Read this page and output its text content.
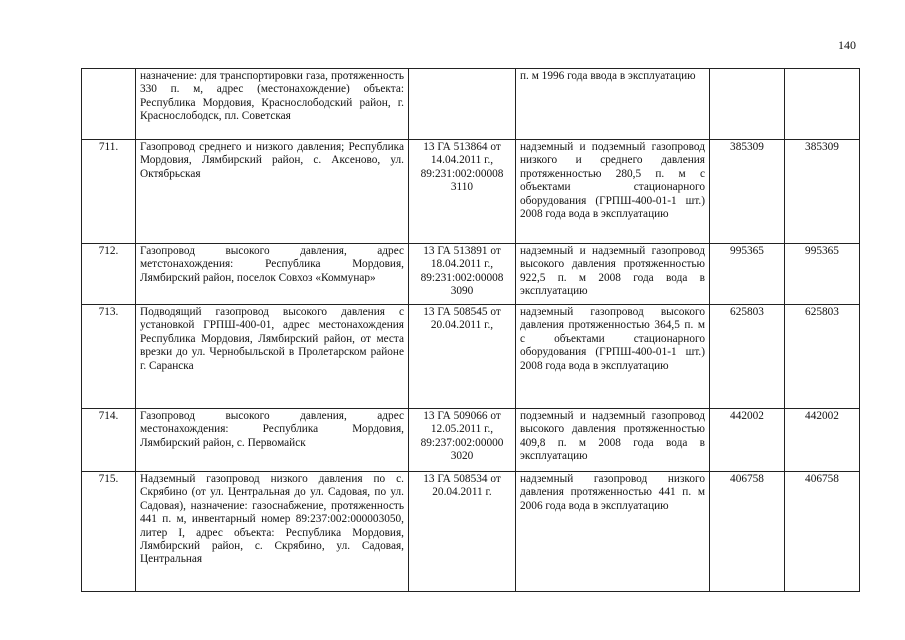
140
	назначение: для транспортировки газа, протяженность 330 п. м, адрес (местонахождение) объекта: Республика Мордовия, Краснослободский район, г. Краснослободск, пл. Советская		п. м 1996 года ввода в эксплуатацию		
711.	Газопровод среднего и низкого давления; Республика Мордовия, Лямбирский район, с. Аксеново, ул. Октябрьская	13 ГА 513864 от 14.04.2011 г., 89:231:002:00008 3110	надземный и подземный газопровод низкого и среднего давления протяженностью 280,5 п. м с объектами стационарного оборудования (ГРПШ-400-01-1 шт.) 2008 года вода в эксплуатацию	385309	385309
712.	Газопровод высокого давления, адрес метстонахождения: Республика Мордовия, Лямбирский район, поселок Совхоз «Коммунар»	13 ГА 513891 от 18.04.2011 г., 89:231:002:00008 3090	надземный и надземный газопровод высокого давления протяженностью 922,5 п. м 2008 года вода в эксплуатацию	995365	995365
713.	Подводящий газопровод высокого давления с установкой ГРПШ-400-01, адрес местонахождения Республика Мордовия, Лямбирский район, от места врезки до ул. Чернобыльской в Пролетарском районе г. Саранска	13 ГА 508545 от 20.04.2011 г.,	надземный газопровод высокого давления протяженностью 364,5 п. м с объектами стационарного оборудования (ГРПШ-400-01-1 шт.) 2008 года вода в эксплуатацию	625803	625803
714.	Газопровод высокого давления, адрес местонахождения: Республика Мордовия, Лямбирский район, с. Первомайск	13 ГА 509066 от 12.05.2011 г., 89:237:002:00000 3020	подземный и надземный газопровод высокого давления протяженностью 409,8 п. м 2008 года вода в эксплуатацию	442002	442002
715.	Надземный газопровод низкого давления по с. Скрябино (от ул. Центральная до ул. Садовая, по ул. Садовая), назначение: газоснабжение, протяженность 441 п. м, инвентарный номер 89:237:002:000003050, литер I, адрес объекта: Республика Мордовия, Лямбирский район, с. Скрябино, ул. Садовая, Центральная	13 ГА 508534 от 20.04.2011 г.	надземный газопровод низкого давления протяженностью 441 п. м 2006 года вода в эксплуатацию	406758	406758
